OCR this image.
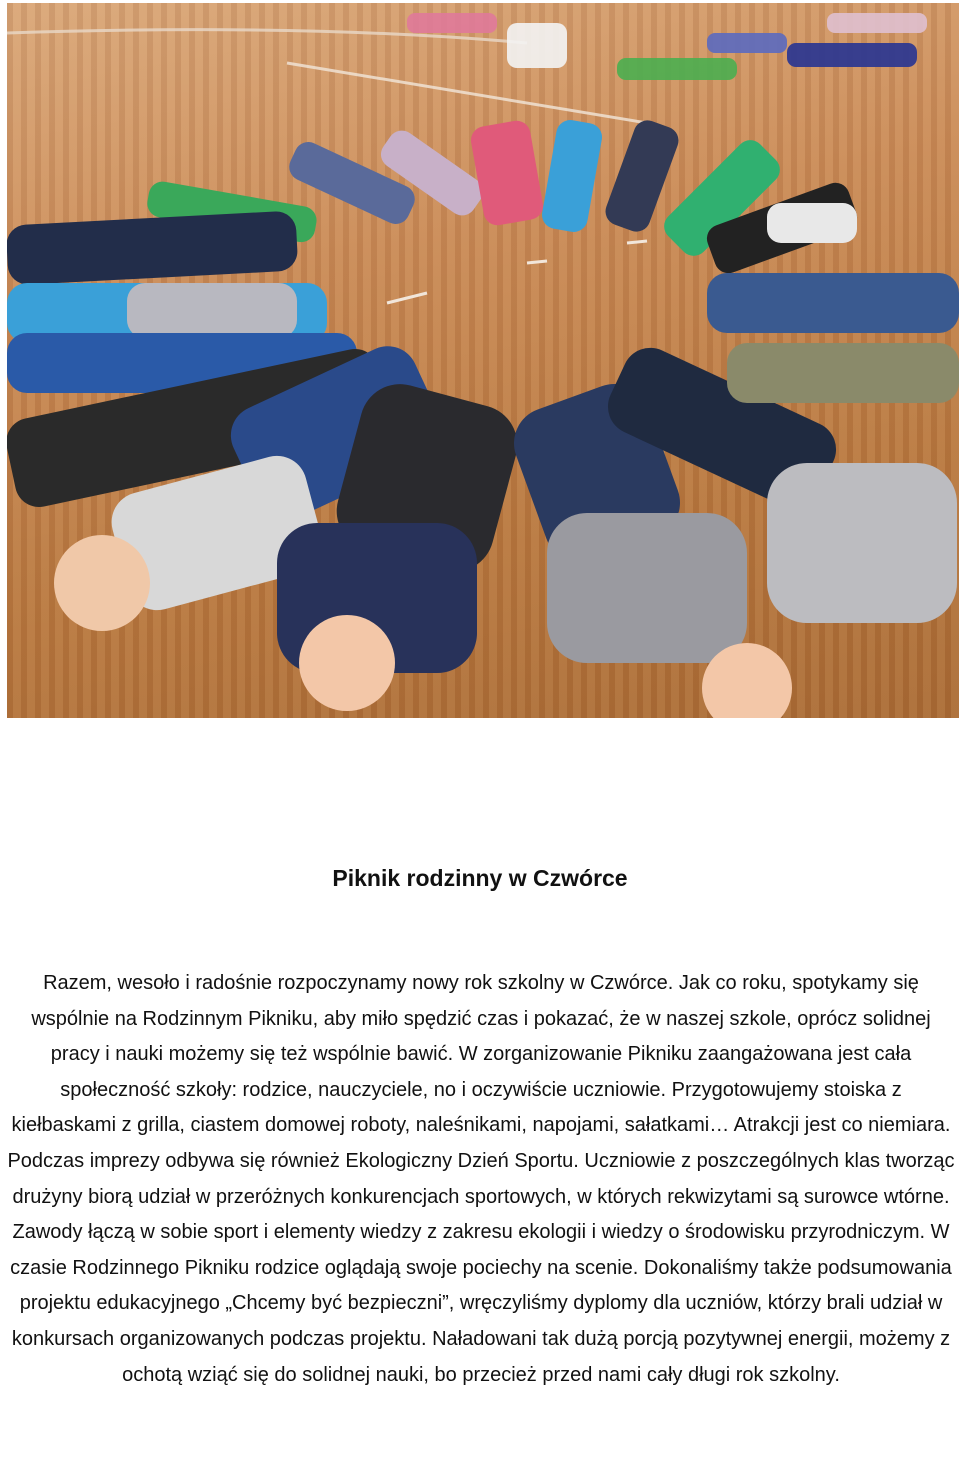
Piknik rodzinny w Czwórce

Razem, wesoło i radośnie rozpoczynamy nowy rok szkolny w Czwórce. Jak co roku, spotykamy się wspólnie na Rodzinnym Pikniku, aby miło spędzić czas i pokazać, że w naszej szkole, oprócz solidnej pracy i nauki możemy się też wspólnie bawić. W zorganizowanie Pikniku zaangażowana jest cała społeczność szkoły: rodzice, nauczyciele, no i oczywiście uczniowie. Przygotowujemy stoiska z kiełbaskami z grilla, ciastem domowej roboty, naleśnikami, napojami, sałatkami… Atrakcji jest co niemiara. Podczas imprezy odbywa się również Ekologiczny Dzień Sportu. Uczniowie z poszczególnych klas tworząc drużyny biorą udział w przeróżnych konkurencjach sportowych, w których rekwizytami są surowce wtórne. Zawody łączą w sobie sport i elementy wiedzy z zakresu ekologii i wiedzy o środowisku przyrodniczym. W czasie Rodzinnego Pikniku rodzice oglądają swoje pociechy na scenie. Dokonaliśmy także podsumowania projektu edukacyjnego „Chcemy być bezpieczni”, wręczyliśmy dyplomy dla uczniów, którzy brali udział w konkursach organizowanych podczas projektu. Naładowani tak dużą porcją pozytywnej energii, możemy z ochotą wziąć się do solidnej nauki, bo przecież przed nami cały długi rok szkolny.
